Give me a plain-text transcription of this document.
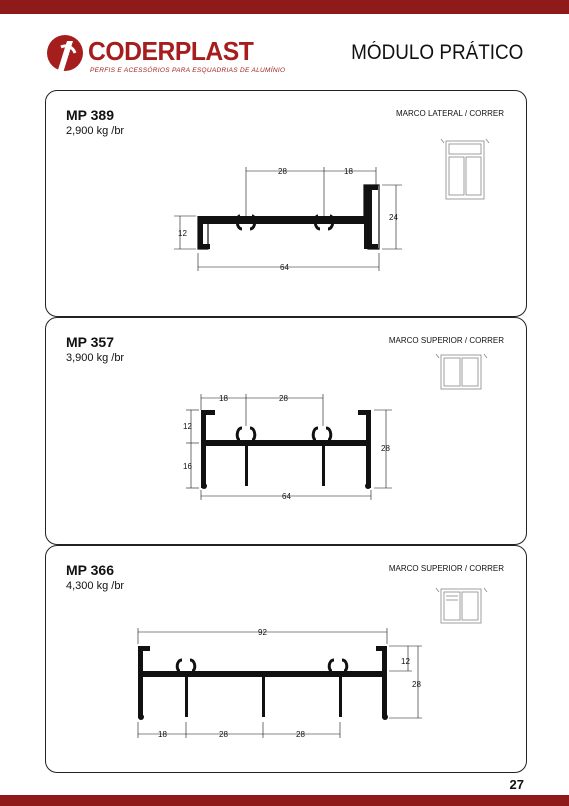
CODERPLAST
PERFIS E ACESSÓRIOS PARA ESQUADRIAS DE ALUMÍNIO
MÓDULO PRÁTICO
MP 389
2,900 kg /br
MARCO LATERAL / CORRER
28	18
24
12
64
MP 357
3,900 kg /br
MARCO SUPERIOR / CORRER
18	28
12
16
28
64
MP 366
4,300 kg /br
MARCO SUPERIOR / CORRER
92
12
28
18	28	28
27
